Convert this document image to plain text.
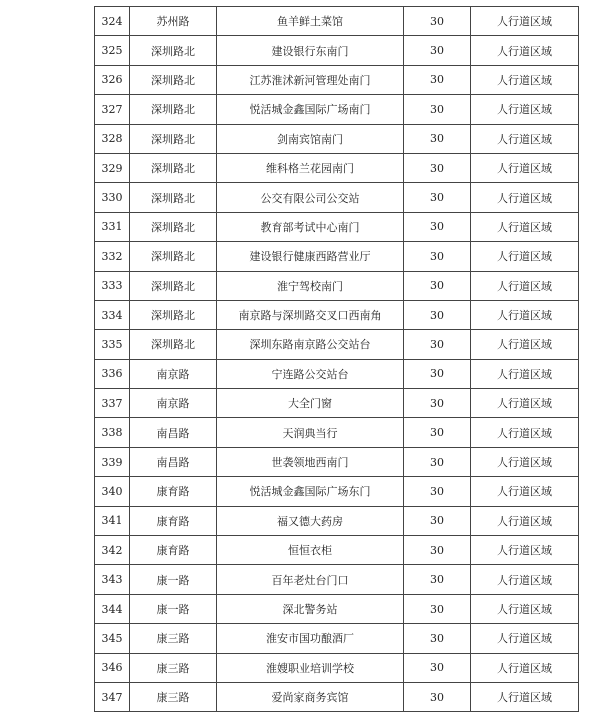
324	苏州路	鱼羊鲜土菜馆	30	人行道区域
325	深圳路北	建设银行东南门	30	人行道区域
326	深圳路北	江苏淮沭新河管理处南门	30	人行道区域
327	深圳路北	悦活城金鑫国际广场南门	30	人行道区域
328	深圳路北	剑南宾馆南门	30	人行道区域
329	深圳路北	维科格兰花园南门	30	人行道区域
330	深圳路北	公交有限公司公交站	30	人行道区域
331	深圳路北	教育部考试中心南门	30	人行道区域
332	深圳路北	建设银行健康西路营业厅	30	人行道区域
333	深圳路北	淮宁驾校南门	30	人行道区域
334	深圳路北	南京路与深圳路交叉口西南角	30	人行道区域
335	深圳路北	深圳东路南京路公交站台	30	人行道区域
336	南京路	宁连路公交站台	30	人行道区域
337	南京路	大全门窗	30	人行道区域
338	南昌路	天润典当行	30	人行道区域
339	南昌路	世袭领地西南门	30	人行道区域
340	康育路	悦活城金鑫国际广场东门	30	人行道区域
341	康育路	福又德大药房	30	人行道区域
342	康育路	恒恒衣柜	30	人行道区域
343	康一路	百年老灶台门口	30	人行道区域
344	康一路	深北警务站	30	人行道区域
345	康三路	淮安市国功酿酒厂	30	人行道区域
346	康三路	淮嫂职业培训学校	30	人行道区域
347	康三路	爱尚家商务宾馆	30	人行道区域
